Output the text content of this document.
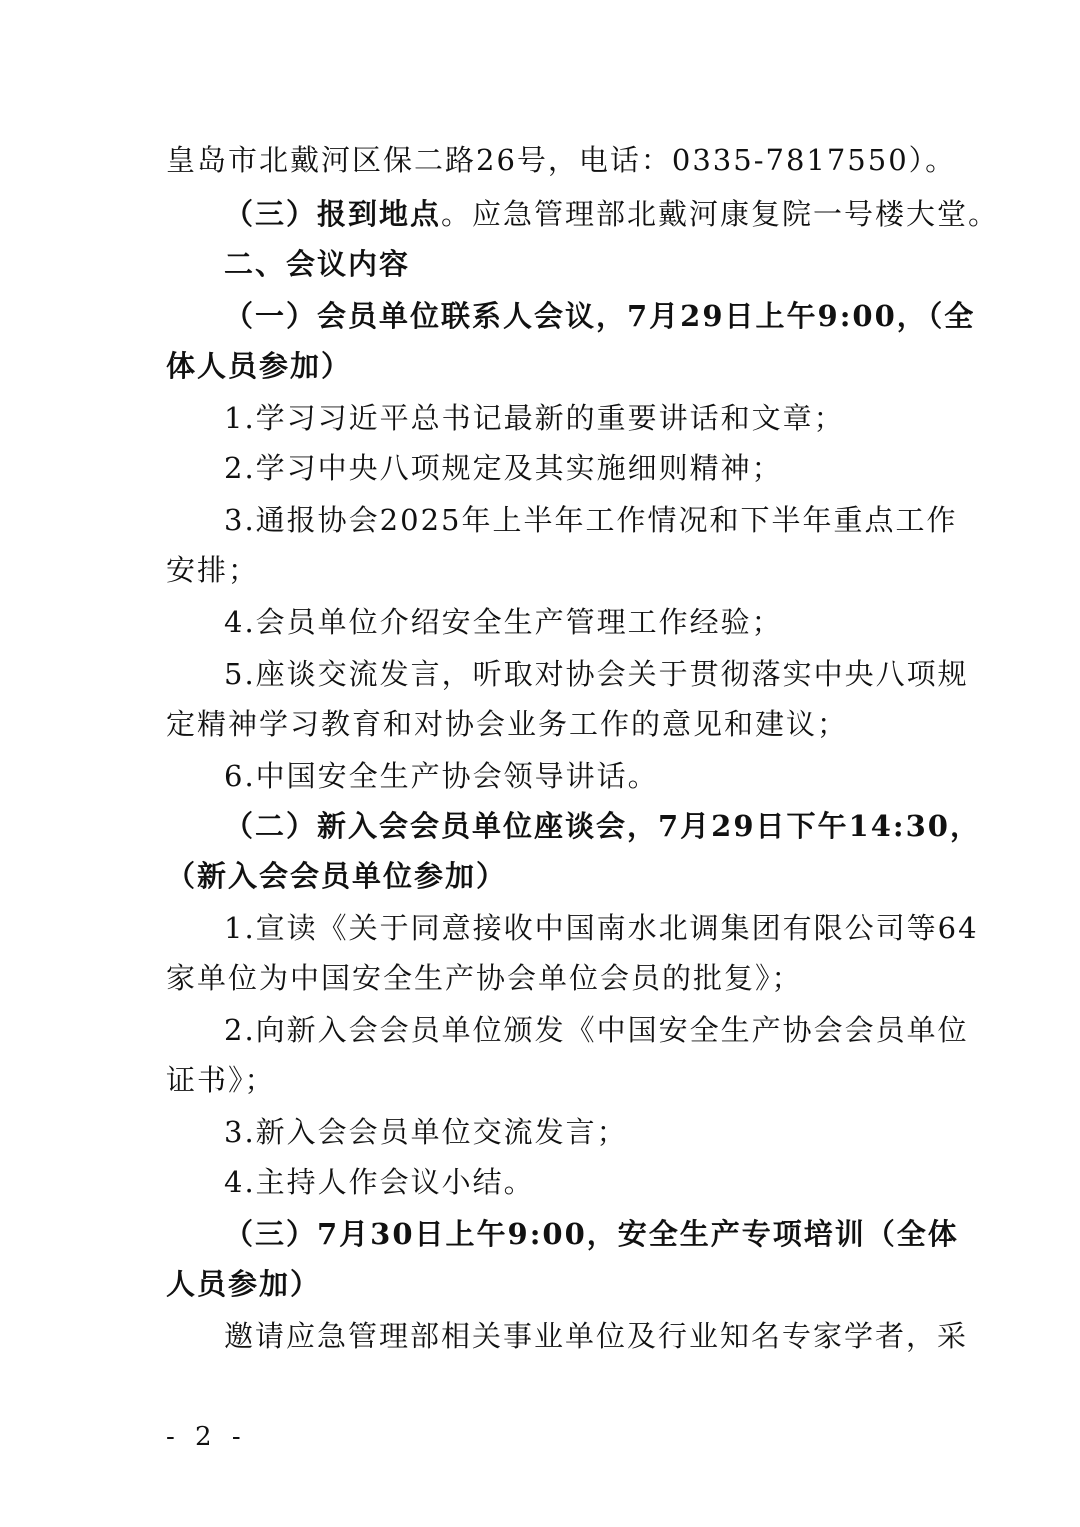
皇岛市北戴河区保二路26号，电话：0335-7817550）。
（三）报到地点。应急管理部北戴河康复院一号楼大堂。
二、会议内容
（一）会员单位联系人会议，7月29日上午9:00，（全
体人员参加）
1.学习习近平总书记最新的重要讲话和文章；
2.学习中央八项规定及其实施细则精神；
3.通报协会2025年上半年工作情况和下半年重点工作
安排；
4.会员单位介绍安全生产管理工作经验；
5.座谈交流发言，听取对协会关于贯彻落实中央八项规
定精神学习教育和对协会业务工作的意见和建议；
6.中国安全生产协会领导讲话。
（二）新入会会员单位座谈会，7月29日下午14:30，
（新入会会员单位参加）
1.宣读《关于同意接收中国南水北调集团有限公司等64
家单位为中国安全生产协会单位会员的批复》；
2.向新入会会员单位颁发《中国安全生产协会会员单位
证书》；
3.新入会会员单位交流发言；
4.主持人作会议小结。
（三）7月30日上午9:00，安全生产专项培训（全体
人员参加）
邀请应急管理部相关事业单位及行业知名专家学者，采
- 2 -
